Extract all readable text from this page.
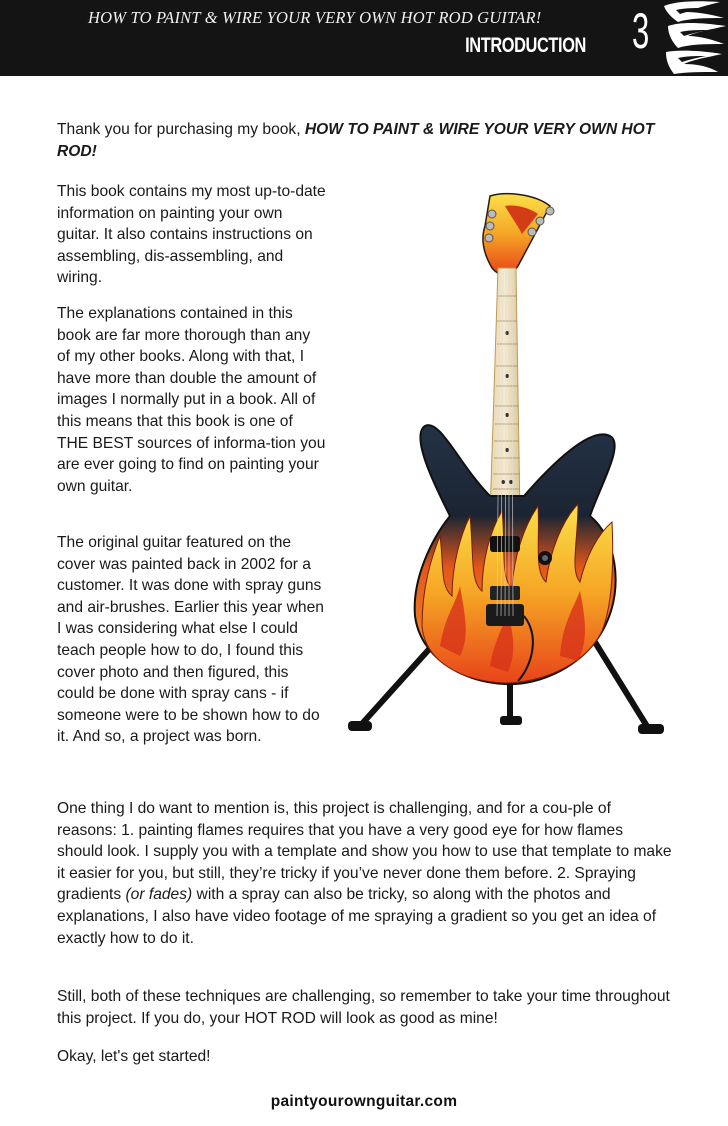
HOW TO PAINT & WIRE YOUR VERY OWN HOT ROD GUITAR!
INTRODUCTION 3

Thank you for purchasing my book, HOW TO PAINT & WIRE YOUR VERY OWN HOT ROD!

This book contains my most up-to-date information on painting your own guitar. It also contains instructions on assembling, dis-assembling, and wiring.

The explanations contained in this book are far more thorough than any of my other books. Along with that, I have more than double the amount of images I normally put in a book. All of this means that this book is one of THE BEST sources of informa-tion you are ever going to find on painting your own guitar.

The original guitar featured on the cover was painted back in 2002 for a customer. It was done with spray guns and air-brushes. Earlier this year when I was considering what else I could teach people how to do, I found this cover photo and then figured, this could be done with spray cans - if someone were to be shown how to do it. And so, a project was born.

One thing I do want to mention is, this project is challenging, and for a cou-ple of reasons: 1. painting flames requires that you have a very good eye for how flames should look. I supply you with a template and show you how to use that template to make it easier for you, but still, they’re tricky if you’ve never done them before. 2. Spraying gradients (or fades) with a spray can also be tricky, so along with the photos and explanations, I also have video footage of me spraying a gradient so you get an idea of exactly how to do it.

Still, both of these techniques are challenging, so remember to take your time throughout this project. If you do, your HOT ROD will look as good as mine!

Okay, let's get started!

paintyourownguitar.com
